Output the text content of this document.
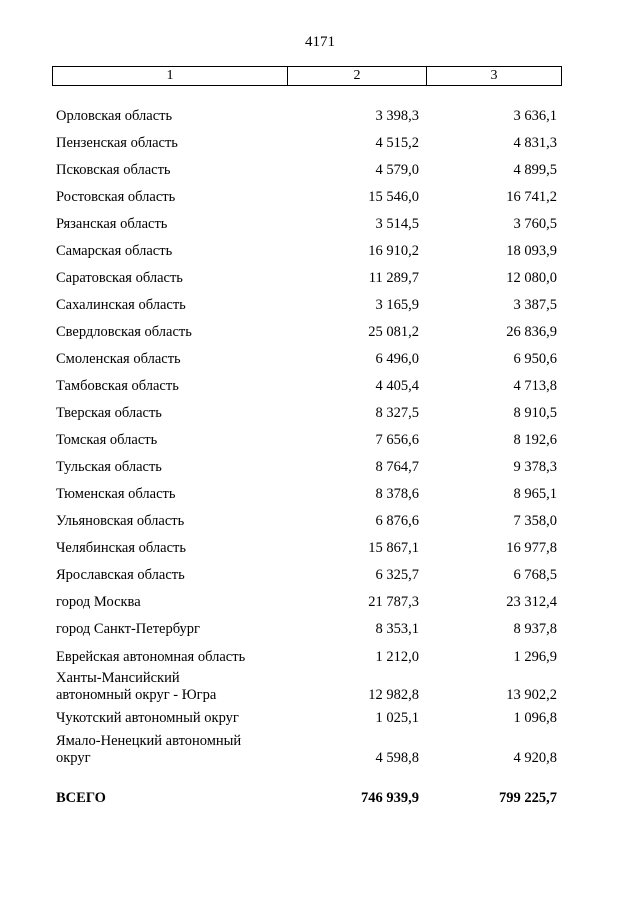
4171
1	2	3
Орловская область	3 398,3	3 636,1
Пензенская область	4 515,2	4 831,3
Псковская область	4 579,0	4 899,5
Ростовская область	15 546,0	16 741,2
Рязанская область	3 514,5	3 760,5
Самарская область	16 910,2	18 093,9
Саратовская область	11 289,7	12 080,0
Сахалинская область	3 165,9	3 387,5
Свердловская область	25 081,2	26 836,9
Смоленская область	6 496,0	6 950,6
Тамбовская область	4 405,4	4 713,8
Тверская область	8 327,5	8 910,5
Томская область	7 656,6	8 192,6
Тульская область	8 764,7	9 378,3
Тюменская область	8 378,6	8 965,1
Ульяновская область	6 876,6	7 358,0
Челябинская область	15 867,1	16 977,8
Ярославская область	6 325,7	6 768,5
город Москва	21 787,3	23 312,4
город Санкт-Петербург	8 353,1	8 937,8
Еврейская автономная область	1 212,0	1 296,9
Ханты-Мансийский
автономный округ - Югра	12 982,8	13 902,2
Чукотский автономный округ	1 025,1	1 096,8
Ямало-Ненецкий автономный
округ	4 598,8	4 920,8
ВСЕГО	746 939,9	799 225,7
